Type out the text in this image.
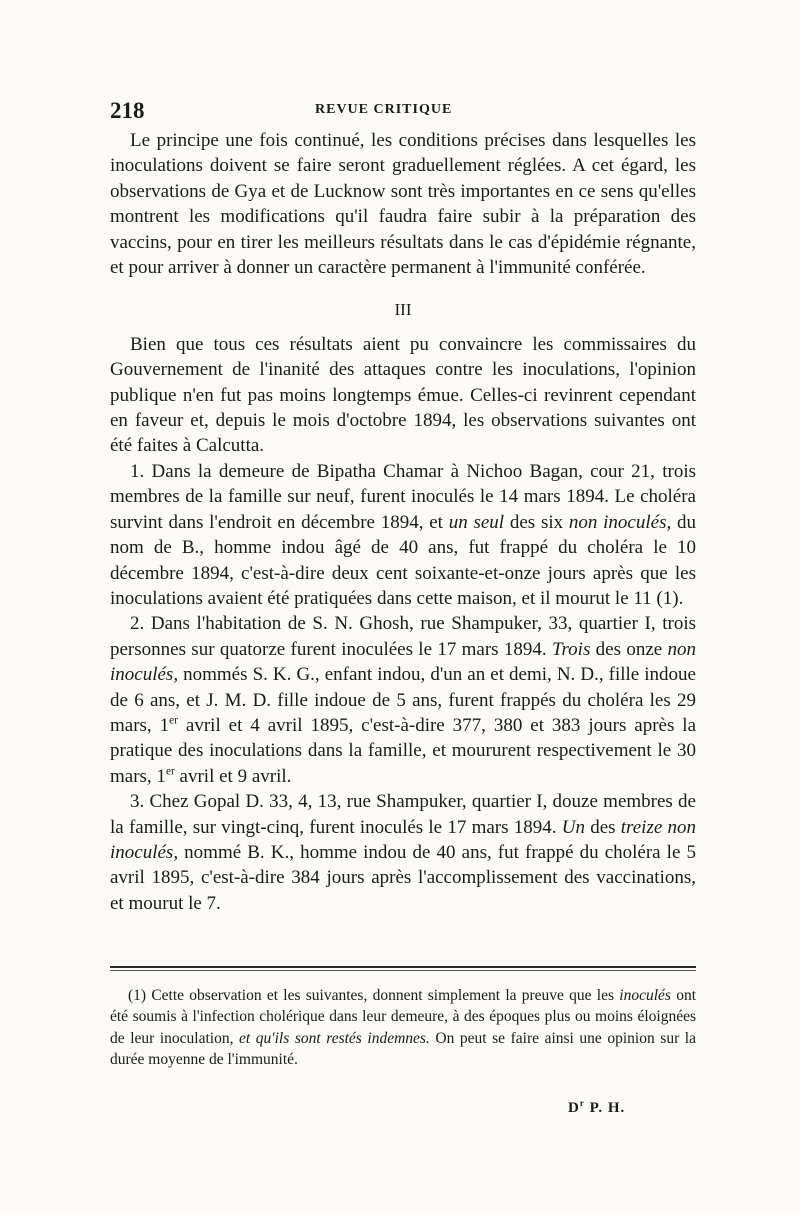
218	REVUE CRITIQUE

Le principe une fois continué, les conditions précises dans lesquelles les inoculations doivent se faire seront graduellement réglées. A cet égard, les observations de Gya et de Lucknow sont très importantes en ce sens qu'elles montrent les modifications qu'il faudra faire subir à la préparation des vaccins, pour en tirer les meilleurs résultats dans le cas d'épidémie régnante, et pour arriver à donner un caractère permanent à l'immunité conférée.

III

Bien que tous ces résultats aient pu convaincre les commissaires du Gouvernement de l'inanité des attaques contre les inoculations, l'opinion publique n'en fut pas moins longtemps émue. Celles-ci revinrent cependant en faveur et, depuis le mois d'octobre 1894, les observations suivantes ont été faites à Calcutta.

1. Dans la demeure de Bipatha Chamar à Nichoo Bagan, cour 21, trois membres de la famille sur neuf, furent inoculés le 14 mars 1894. Le choléra survint dans l'endroit en décembre 1894, et un seul des six non inoculés, du nom de B., homme indou âgé de 40 ans, fut frappé du choléra le 10 décembre 1894, c'est-à-dire deux cent soixante-et-onze jours après que les inoculations avaient été pratiquées dans cette maison, et il mourut le 11 (1).

2. Dans l'habitation de S. N. Ghosh, rue Shampuker, 33, quartier I, trois personnes sur quatorze furent inoculées le 17 mars 1894. Trois des onze non inoculés, nommés S. K. G., enfant indou, d'un an et demi, N. D., fille indoue de 6 ans, et J. M. D. fille indoue de 5 ans, furent frappés du choléra les 29 mars, 1er avril et 4 avril 1895, c'est-à-dire 377, 380 et 383 jours après la pratique des inoculations dans la famille, et moururent respectivement le 30 mars, 1er avril et 9 avril.

3. Chez Gopal D. 33, 4, 13, rue Shampuker, quartier I, douze membres de la famille, sur vingt-cinq, furent inoculés le 17 mars 1894. Un des treize non inoculés, nommé B. K., homme indou de 40 ans, fut frappé du choléra le 5 avril 1895, c'est-à-dire 384 jours après l'accomplissement des vaccinations, et mourut le 7.

(1) Cette observation et les suivantes, donnent simplement la preuve que les inoculés ont été soumis à l'infection cholérique dans leur demeure, à des époques plus ou moins éloignées de leur inoculation, et qu'ils sont restés indemnes. On peut se faire ainsi une opinion sur la durée moyenne de l'immunité.

$D^r$ P. H.
